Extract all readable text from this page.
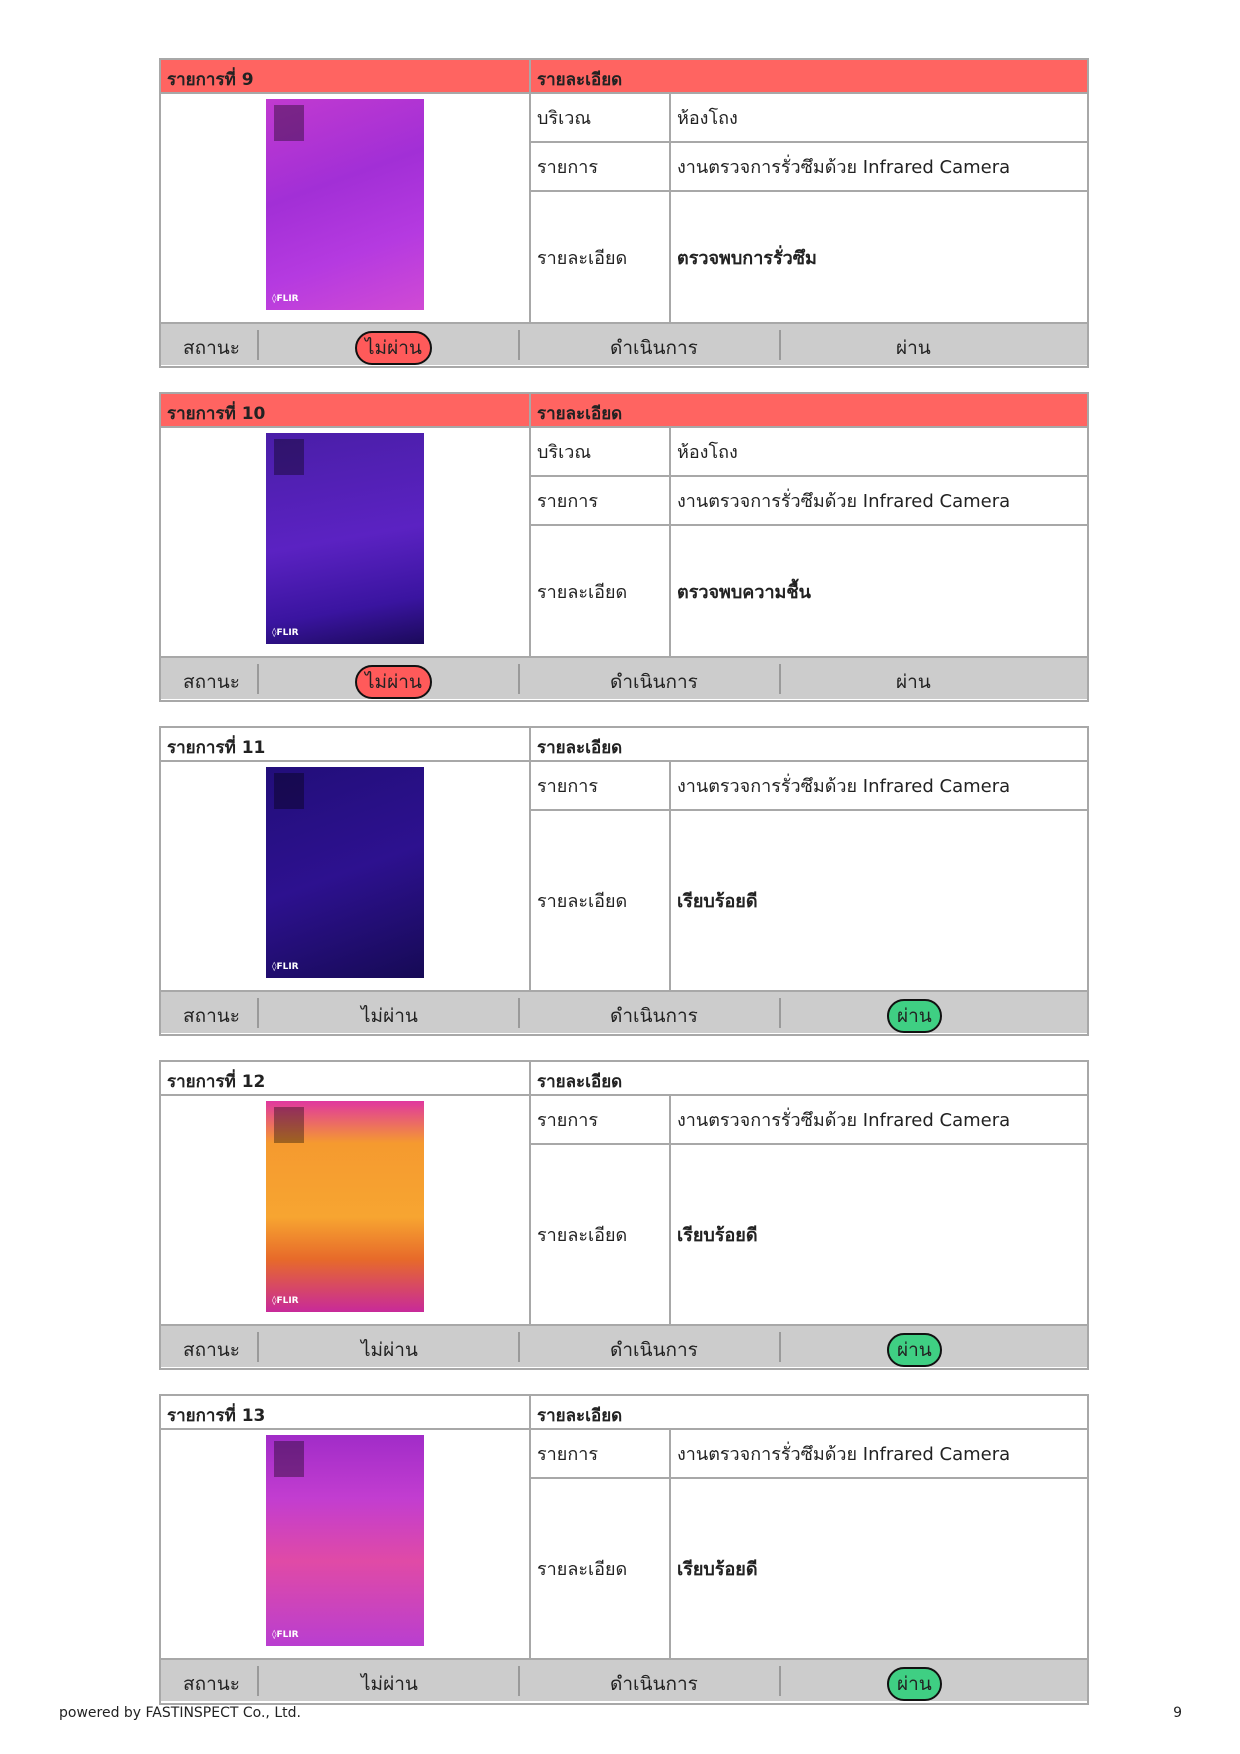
รายการที่ 9	รายละเอียด
◊FLIR
บริเวณ	ห้องโถง
รายการ	งานตรวจการรั่วซึมด้วย Infrared Camera
รายละเอียด	ตรวจพบการรั่วซึม
สถานะ	ไม่ผ่าน	ดำเนินการ	ผ่าน
รายการที่ 10	รายละเอียด
◊FLIR
บริเวณ	ห้องโถง
รายการ	งานตรวจการรั่วซึมด้วย Infrared Camera
รายละเอียด	ตรวจพบความชื้น
สถานะ	ไม่ผ่าน	ดำเนินการ	ผ่าน
รายการที่ 11	รายละเอียด
◊FLIR
รายการ	งานตรวจการรั่วซึมด้วย Infrared Camera
รายละเอียด	เรียบร้อยดี
สถานะ	ไม่ผ่าน	ดำเนินการ	ผ่าน
รายการที่ 12	รายละเอียด
◊FLIR
รายการ	งานตรวจการรั่วซึมด้วย Infrared Camera
รายละเอียด	เรียบร้อยดี
สถานะ	ไม่ผ่าน	ดำเนินการ	ผ่าน
รายการที่ 13	รายละเอียด
◊FLIR
รายการ	งานตรวจการรั่วซึมด้วย Infrared Camera
รายละเอียด	เรียบร้อยดี
สถานะ	ไม่ผ่าน	ดำเนินการ	ผ่าน
powered by FASTINSPECT Co., Ltd.	9
